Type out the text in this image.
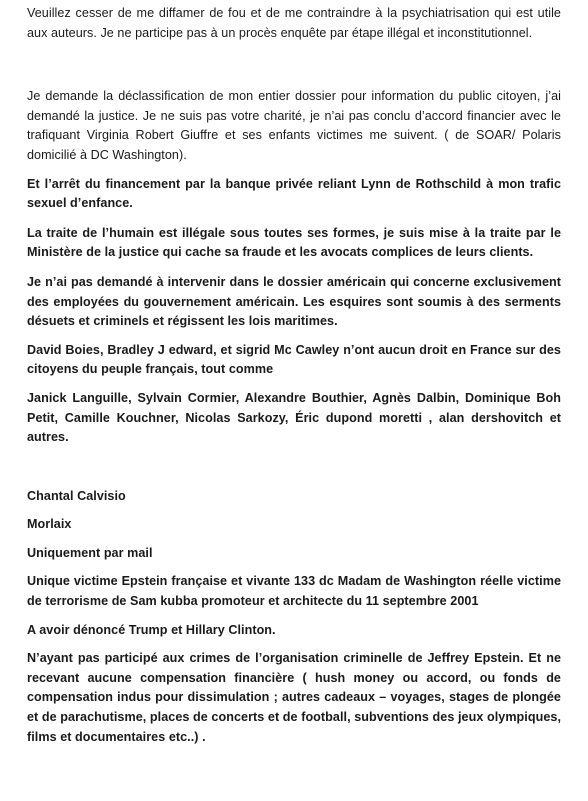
Veuillez cesser de me diffamer de fou et de me contraindre à la psychiatrisation qui est utile aux auteurs. Je ne participe pas à un procès enquête par étape illégal et inconstitutionnel.

Je demande la déclassification de mon entier dossier pour information du public citoyen, j’ai demandé la justice. Je ne suis pas votre charité, je n’ai pas conclu d’accord financier avec le trafiquant Virginia Robert Giuffre et ses enfants victimes me suivent. ( de SOAR/ Polaris domicilié à DC Washington).

Et l’arrêt du financement par la banque privée reliant Lynn de Rothschild à mon trafic sexuel d’enfance.

La traite de l’humain est illégale sous toutes ses formes, je suis mise à la traite par le Ministère de la justice qui cache sa fraude et les avocats complices de leurs clients.

Je n’ai pas demandé à intervenir dans le dossier américain qui concerne exclusivement des employées du gouvernement américain. Les esquires sont soumis à des serments désuets et criminels et régissent les lois maritimes.

David Boies, Bradley J edward, et sigrid Mc Cawley n’ont aucun droit en France sur des citoyens du peuple français, tout comme

Janick Languille, Sylvain Cormier, Alexandre Bouthier, Agnès Dalbin, Dominique Boh Petit, Camille Kouchner, Nicolas Sarkozy, Éric dupond moretti , alan dershovitch et autres.

Chantal Calvisio

Morlaix

Uniquement par mail

Unique victime Epstein française et vivante 133 dc Madam de Washington réelle victime de terrorisme de Sam kubba promoteur et architecte du 11 septembre 2001

A avoir dénoncé Trump et Hillary Clinton.

N’ayant pas participé aux crimes de l’organisation criminelle de Jeffrey Epstein. Et ne recevant aucune compensation financière ( hush money ou accord, ou fonds de compensation indus pour dissimulation ; autres cadeaux – voyages, stages de plongée et de parachutisme, places de concerts et de football, subventions des jeux olympiques, films et documentaires etc..) .
